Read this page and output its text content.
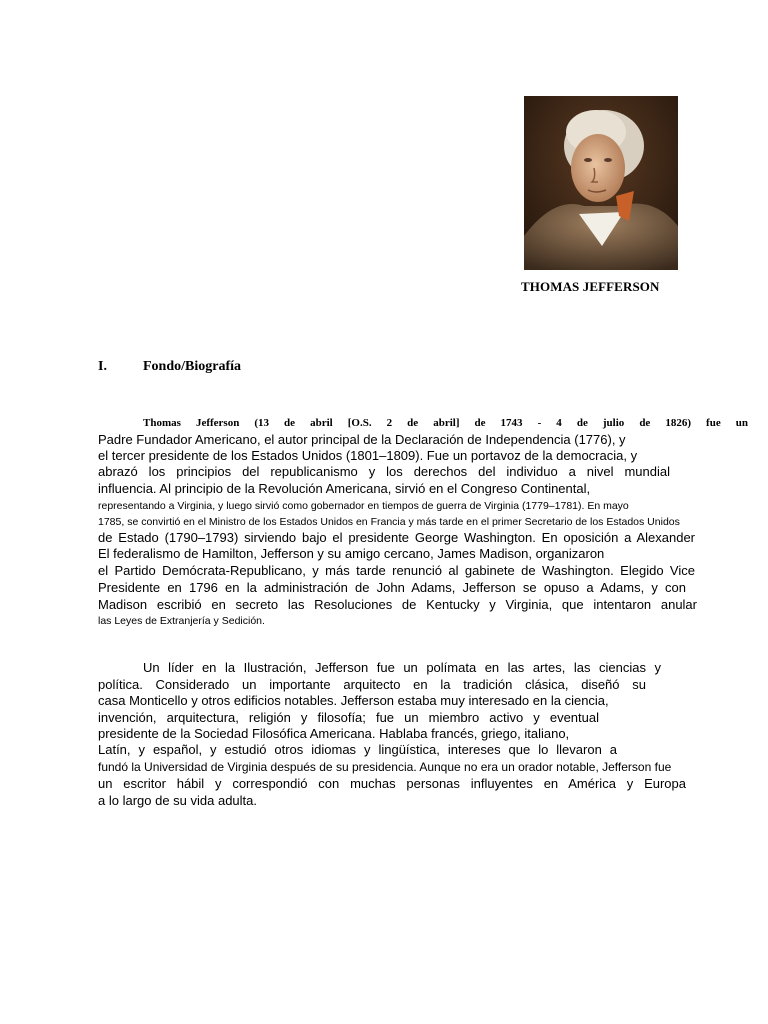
THOMAS JEFFERSON
I.	Fondo/Biografía
Thomas Jefferson (13 de abril [O.S. 2 de abril] de 1743 - 4 de julio de 1826) fue un
Padre Fundador Americano, el autor principal de la Declaración de Independencia (1776), y
el tercer presidente de los Estados Unidos (1801–1809). Fue un portavoz de la democracia, y
abrazó los principios del republicanismo y los derechos del individuo a nivel mundial
influencia. Al principio de la Revolución Americana, sirvió en el Congreso Continental,
representando a Virginia, y luego sirvió como gobernador en tiempos de guerra de Virginia (1779–1781). En mayo
1785, se convirtió en el Ministro de los Estados Unidos en Francia y más tarde en el primer Secretario de los Estados Unidos
de Estado (1790–1793) sirviendo bajo el presidente George Washington. En oposición a Alexander
El federalismo de Hamilton, Jefferson y su amigo cercano, James Madison, organizaron
el Partido Demócrata-Republicano, y más tarde renunció al gabinete de Washington. Elegido Vice
Presidente en 1796 en la administración de John Adams, Jefferson se opuso a Adams, y con
Madison escribió en secreto las Resoluciones de Kentucky y Virginia, que intentaron anular
las Leyes de Extranjería y Sedición.
Un líder en la Ilustración, Jefferson fue un polímata en las artes, las ciencias y
política. Considerado un importante arquitecto en la tradición clásica, diseñó su
casa Monticello y otros edificios notables. Jefferson estaba muy interesado en la ciencia,
invención, arquitectura, religión y filosofía; fue un miembro activo y eventual
presidente de la Sociedad Filosófica Americana. Hablaba francés, griego, italiano,
Latín, y español, y estudió otros idiomas y lingüística, intereses que lo llevaron a
fundó la Universidad de Virginia después de su presidencia. Aunque no era un orador notable, Jefferson fue
un escritor hábil y correspondió con muchas personas influyentes en América y Europa
a lo largo de su vida adulta.
